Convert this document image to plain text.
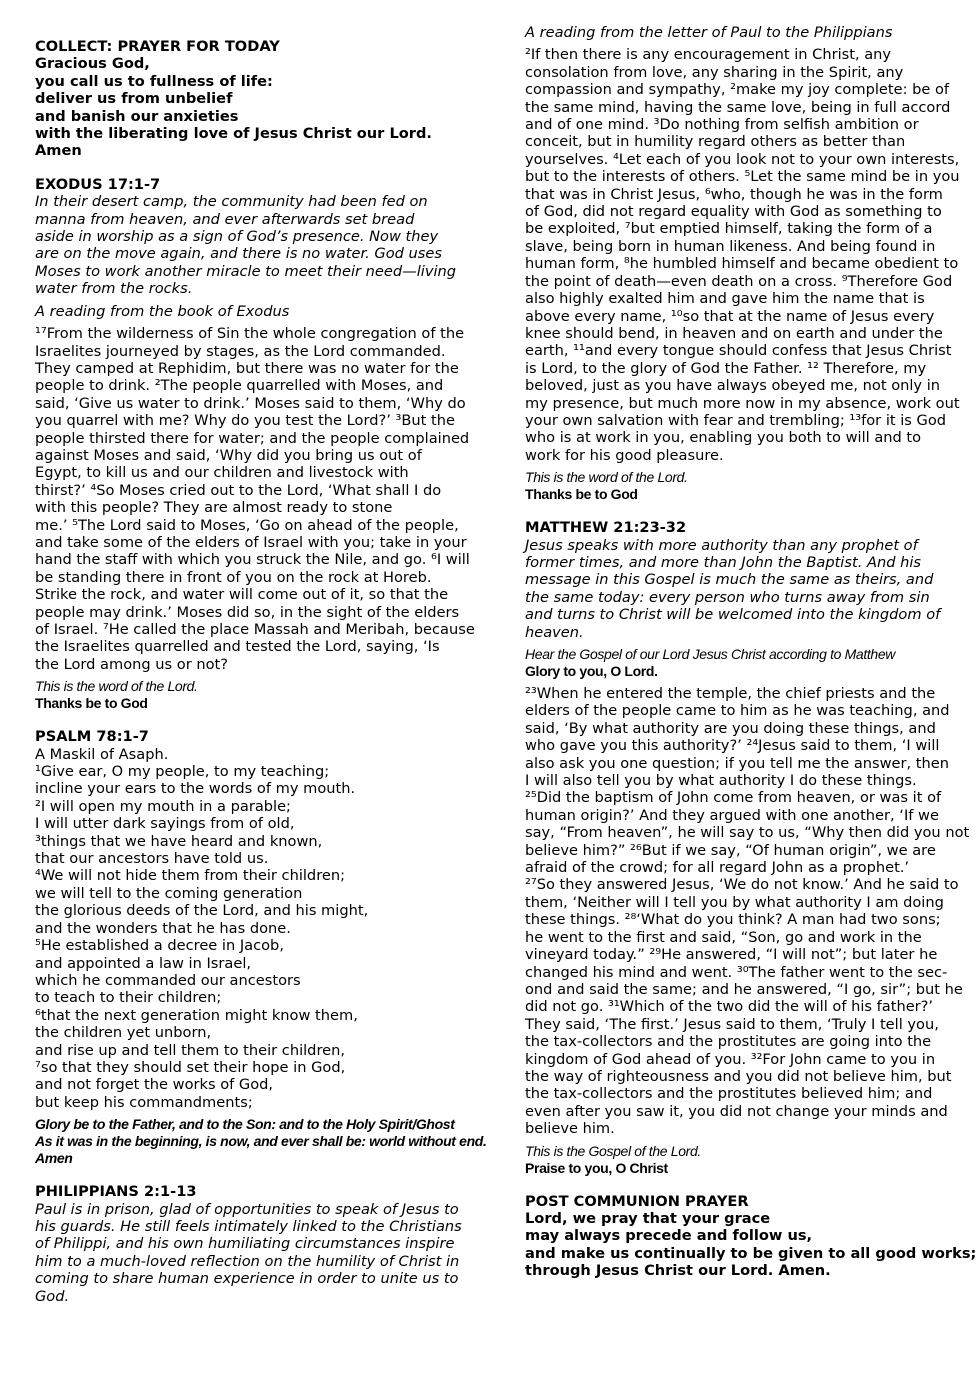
COLLECT: PRAYER FOR TODAY
Gracious God,
you call us to fullness of life:
deliver us from unbelief
and banish our anxieties
with the liberating love of Jesus Christ our Lord.
Amen
EXODUS 17:1-7
In their desert camp, the community had been fed on
manna from heaven, and ever afterwards set bread
aside in worship as a sign of God’s presence. Now they
are on the move again, and there is no water. God uses
Moses to work another miracle to meet their need—living
water from the rocks.
A reading from the book of Exodus
¹⁷From the wilderness of Sin the whole congregation of the
Israelites journeyed by stages, as the Lord commanded.
They camped at Rephidim, but there was no water for the
people to drink. ²The people quarrelled with Moses, and
said, ‘Give us water to drink.’ Moses said to them, ‘Why do
you quarrel with me? Why do you test the Lord?’ ³But the
people thirsted there for water; and the people complained
against Moses and said, ‘Why did you bring us out of
Egypt, to kill us and our children and livestock with
thirst?’ ⁴So Moses cried out to the Lord, ‘What shall I do
with this people? They are almost ready to stone
me.’ ⁵The Lord said to Moses, ‘Go on ahead of the people,
and take some of the elders of Israel with you; take in your
hand the staff with which you struck the Nile, and go. ⁶I will
be standing there in front of you on the rock at Horeb.
Strike the rock, and water will come out of it, so that the
people may drink.’ Moses did so, in the sight of the elders
of Israel. ⁷He called the place Massah and Meribah, because
the Israelites quarrelled and tested the Lord, saying, ‘Is
the Lord among us or not?
This is the word of the Lord.
Thanks be to God
PSALM 78:1-7
A Maskil of Asaph.
¹Give ear, O my people, to my teaching;
incline your ears to the words of my mouth.
²I will open my mouth in a parable;
I will utter dark sayings from of old,
³things that we have heard and known,
that our ancestors have told us.
⁴We will not hide them from their children;
we will tell to the coming generation
the glorious deeds of the Lord, and his might,
and the wonders that he has done.
⁵He established a decree in Jacob,
and appointed a law in Israel,
which he commanded our ancestors
to teach to their children;
⁶that the next generation might know them,
the children yet unborn,
and rise up and tell them to their children,
⁷so that they should set their hope in God,
and not forget the works of God,
but keep his commandments;
Glory be to the Father, and to the Son: and to the Holy Spirit/Ghost
As it was in the beginning, is now, and ever shall be: world without end.
Amen
PHILIPPIANS 2:1-13
Paul is in prison, glad of opportunities to speak of Jesus to
his guards. He still feels intimately linked to the Christians
of Philippi, and his own humiliating circumstances inspire
him to a much-loved reflection on the humility of Christ in
coming to share human experience in order to unite us to
God.
A reading from the letter of Paul to the Philippians
²If then there is any encouragement in Christ, any
consolation from love, any sharing in the Spirit, any
compassion and sympathy, ²make my joy complete: be of
the same mind, having the same love, being in full accord
and of one mind. ³Do nothing from selfish ambition or
conceit, but in humility regard others as better than
yourselves. ⁴Let each of you look not to your own interests,
but to the interests of others. ⁵Let the same mind be in you
that was in Christ Jesus, ⁶who, though he was in the form
of God, did not regard equality with God as something to
be exploited, ⁷but emptied himself, taking the form of a
slave, being born in human likeness. And being found in
human form, ⁸he humbled himself and became obedient to
the point of death—even death on a cross. ⁹Therefore God
also highly exalted him and gave him the name that is
above every name, ¹⁰so that at the name of Jesus every
knee should bend, in heaven and on earth and under the
earth, ¹¹and every tongue should confess that Jesus Christ
is Lord, to the glory of God the Father. ¹² Therefore, my
beloved, just as you have always obeyed me, not only in
my presence, but much more now in my absence, work out
your own salvation with fear and trembling; ¹³for it is God
who is at work in you, enabling you both to will and to
work for his good pleasure.
This is the word of the Lord.
Thanks be to God
MATTHEW 21:23-32
Jesus speaks with more authority than any prophet of
former times, and more than John the Baptist. And his
message in this Gospel is much the same as theirs, and
the same today: every person who turns away from sin
and turns to Christ will be welcomed into the kingdom of
heaven.
Hear the Gospel of our Lord Jesus Christ according to Matthew
Glory to you, O Lord.
²³When he entered the temple, the chief priests and the
elders of the people came to him as he was teaching, and
said, ‘By what authority are you doing these things, and
who gave you this authority?’ ²⁴Jesus said to them, ‘I will
also ask you one question; if you tell me the answer, then
I will also tell you by what authority I do these things.
²⁵Did the baptism of John come from heaven, or was it of
human origin?’ And they argued with one another, ‘If we
say, “From heaven”, he will say to us, “Why then did you not
believe him?” ²⁶But if we say, “Of human origin”, we are
afraid of the crowd; for all regard John as a prophet.’
²⁷So they answered Jesus, ‘We do not know.’ And he said to
them, ‘Neither will I tell you by what authority I am doing
these things. ²⁸‘What do you think? A man had two sons;
he went to the first and said, “Son, go and work in the
vineyard today.” ²⁹He answered, “I will not”; but later he
changed his mind and went. ³⁰The father went to the sec-
ond and said the same; and he answered, “I go, sir”; but he
did not go. ³¹Which of the two did the will of his father?’
They said, ‘The first.’ Jesus said to them, ‘Truly I tell you,
the tax-collectors and the prostitutes are going into the
kingdom of God ahead of you. ³²For John came to you in
the way of righteousness and you did not believe him, but
the tax-collectors and the prostitutes believed him; and
even after you saw it, you did not change your minds and
believe him.
This is the Gospel of the Lord.
Praise to you, O Christ
POST COMMUNION PRAYER
Lord, we pray that your grace
may always precede and follow us,
and make us continually to be given to all good works;
through Jesus Christ our Lord. Amen.
